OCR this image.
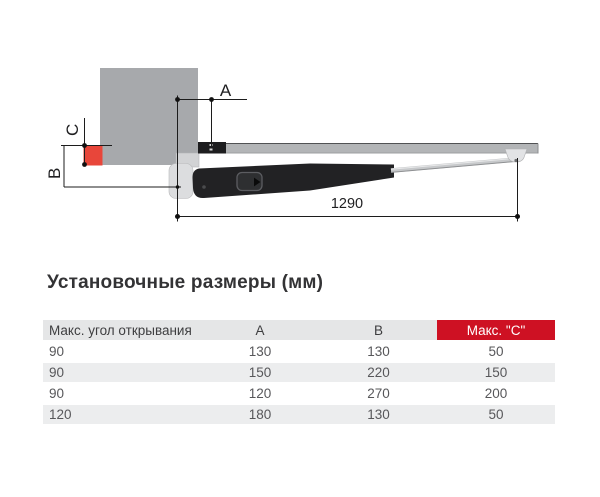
A
C
B
1290
Установочные размеры (мм)
Макс. угол открывания	A	B	Макс. "C"
90	130	130	50
90	150	220	150
90	120	270	200
120	180	130	50
